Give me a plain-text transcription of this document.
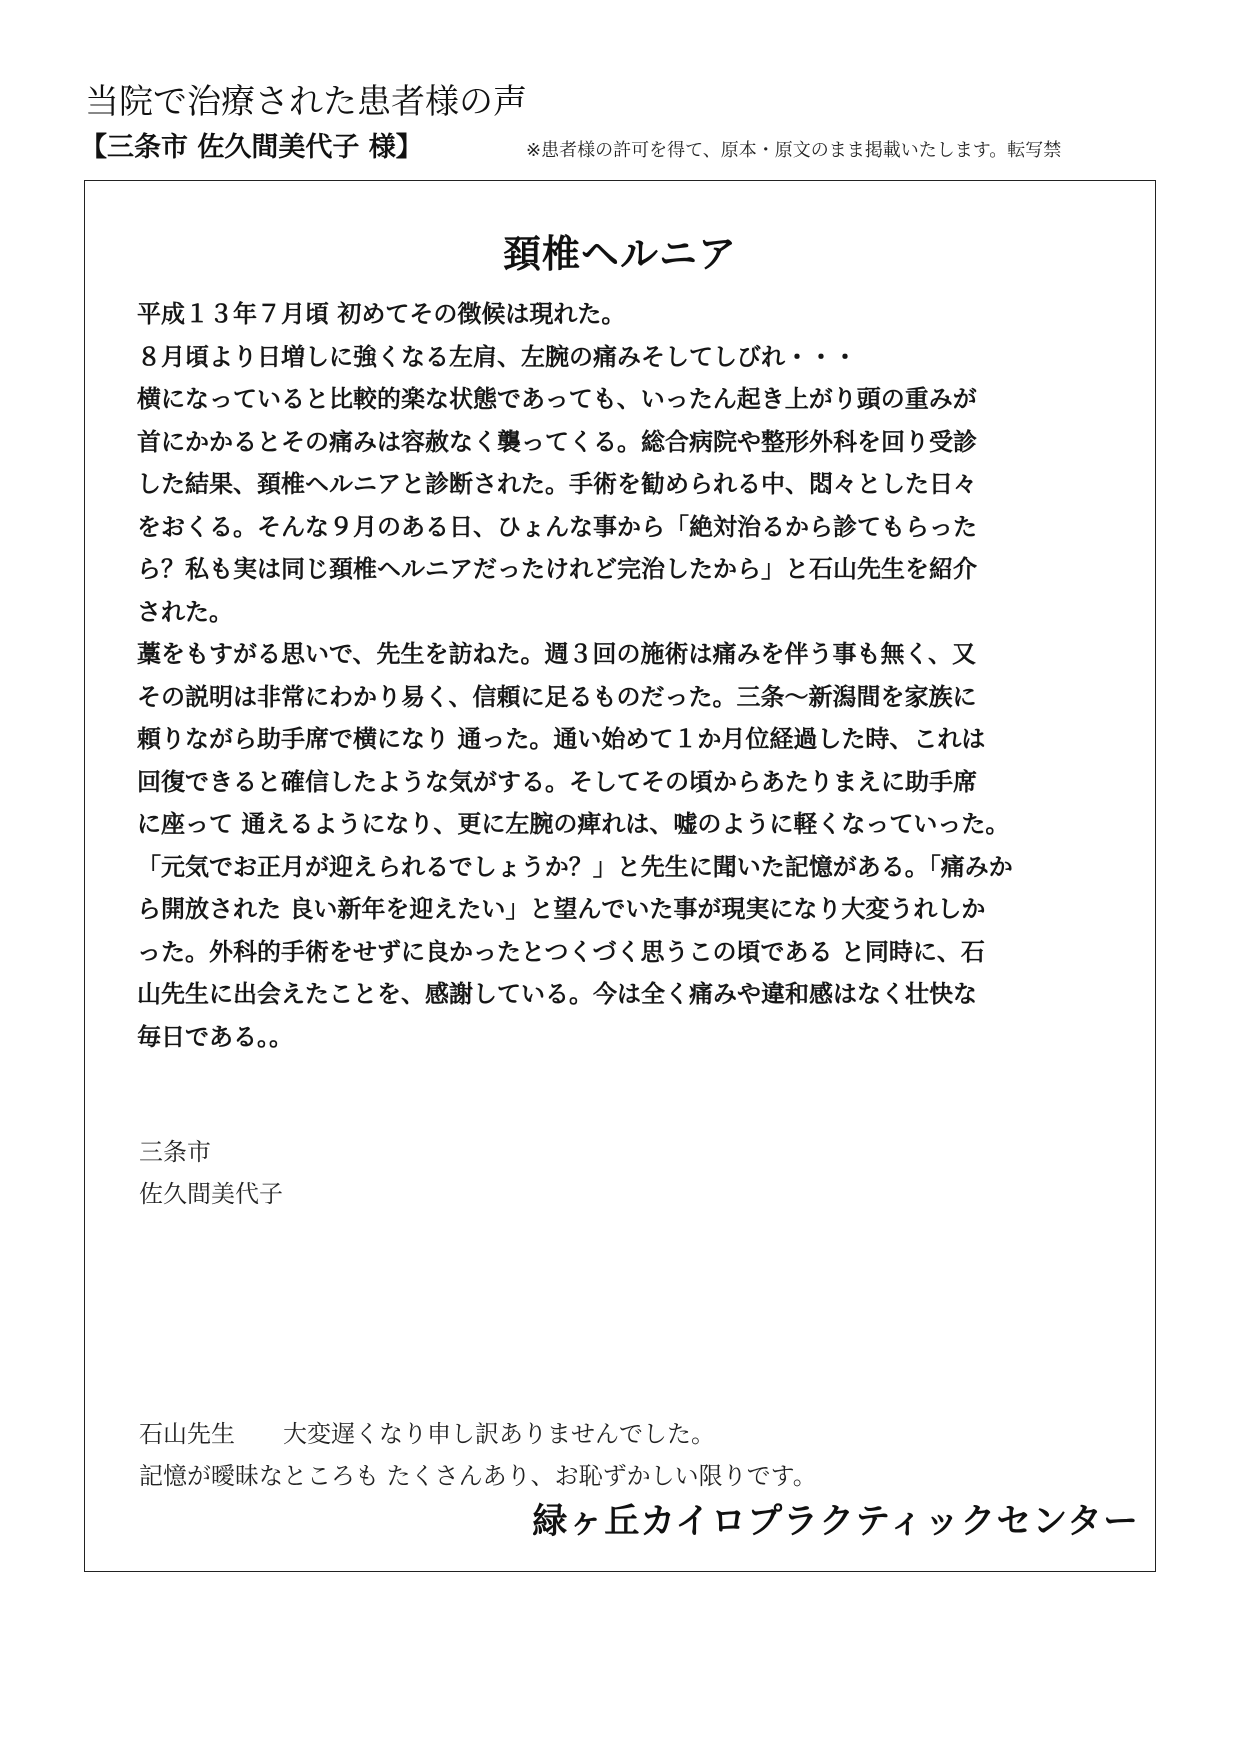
当院で治療された患者様の声
【三条市 佐久間美代子 様】	※患者様の許可を得て、原本・原文のまま掲載いたします。転写禁
頚椎ヘルニア
平成１３年７月頃 初めてその徴候は現れた。
８月頃より日増しに強くなる左肩、左腕の痛みそしてしびれ・・・
横になっていると比較的楽な状態であっても、いったん起き上がり頭の重みが
首にかかるとその痛みは容赦なく襲ってくる。総合病院や整形外科を回り受診
した結果、頚椎ヘルニアと診断された。手術を勧められる中、悶々とした日々
をおくる。そんな９月のある日、ひょんな事から「絶対治るから診てもらった
ら？私も実は同じ頚椎ヘルニアだったけれど完治したから」と石山先生を紹介
された。
藁をもすがる思いで、先生を訪ねた。週３回の施術は痛みを伴う事も無く、又
その説明は非常にわかり易く、信頼に足るものだった。三条～新潟間を家族に
頼りながら助手席で横になり 通った。通い始めて１か月位経過した時、これは
回復できると確信したような気がする。そしてその頃からあたりまえに助手席
に座って 通えるようになり、更に左腕の痺れは、嘘のように軽くなっていった。
「元気でお正月が迎えられるでしょうか？」と先生に聞いた記憶がある。「痛みか
ら開放された 良い新年を迎えたい」と望んでいた事が現実になり大変うれしか
った。外科的手術をせずに良かったとつくづく思うこの頃である と同時に、石
山先生に出会えたことを、感謝している。今は全く痛みや違和感はなく壮快な
毎日である。。
三条市
佐久間美代子
石山先生　　大変遅くなり申し訳ありませんでした。
記憶が曖昧なところも たくさんあり、お恥ずかしい限りです。
緑ヶ丘カイロプラクティックセンター
